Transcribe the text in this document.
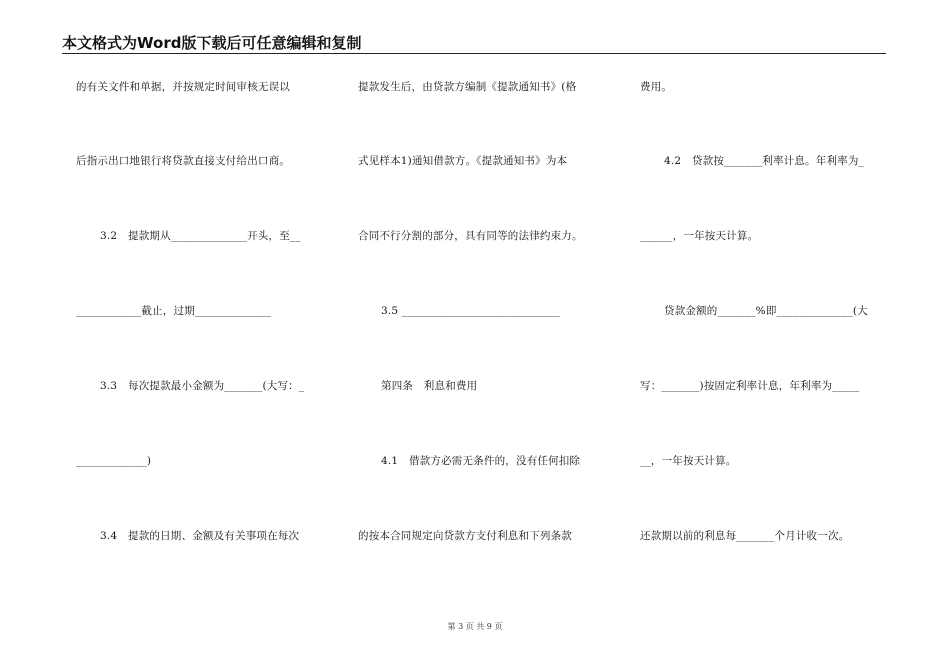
本文格式为Word版下载后可任意编辑和复制
的有关文件和单据，并按规定时间审核无误以
后指示出口地银行将贷款直接支付给出口商。
3.2　提款期从______________开头，至__
____________截止，过期______________
3.3　每次提款最小金额为_______(大写：_
_____________)
3.4　提款的日期、金额及有关事项在每次
提款发生后，由贷款方编制《提款通知书》(格
式见样本1)通知借款方。《提款通知书》为本
合同不行分割的部分，具有同等的法律约束力。
3.5 _____________________________
第四条　利息和费用
4.1　借款方必需无条件的，没有任何扣除
的按本合同规定向贷款方支付利息和下列条款
费用。
4.2　贷款按_______利率计息。年利率为_
______，一年按天计算。
贷款金额的_______%即______________(大
写：_______)按固定利率计息，年利率为_____
__，一年按天计算。
还款期以前的利息每_______个月计收一次。
第 3 页 共 9 页
